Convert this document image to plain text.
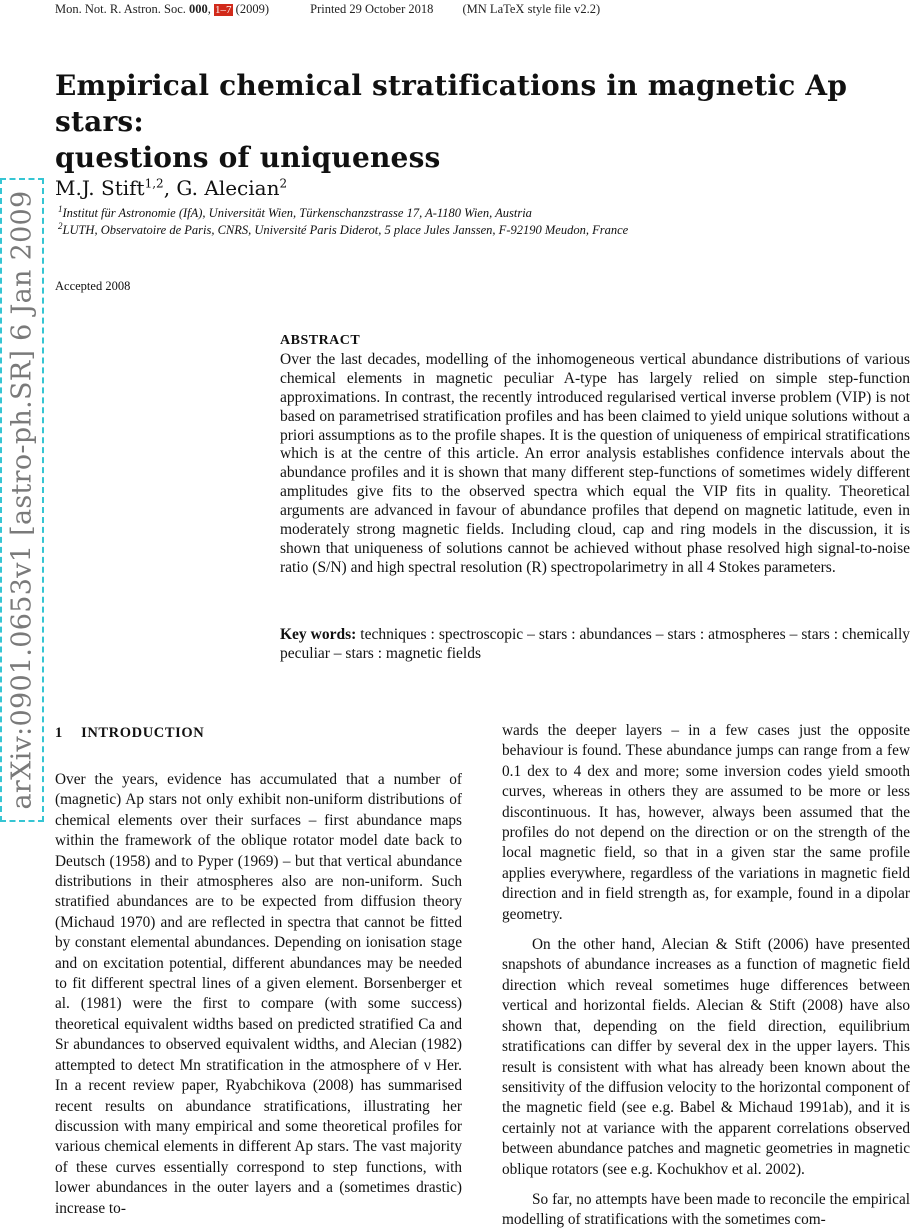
Mon. Not. R. Astron. Soc. 000, 1–7 (2009)	Printed 29 October 2018 (MN LaTeX style file v2.2)
Empirical chemical stratifications in magnetic Ap stars:
questions of uniqueness
M.J. Stift$^{1,2}$, G. Alecian$^2$
$^1$Institut für Astronomie (IfA), Universität Wien, Türkenschanzstrasse 17, A-1180 Wien, Austria
$^2$LUTH, Observatoire de Paris, CNRS, Université Paris Diderot, 5 place Jules Janssen, F-92190 Meudon, France
Accepted 2008
arXiv:0901.0653v1 [astro-ph.SR] 6 Jan 2009	ABSTRACT
Over the last decades, modelling of the inhomogeneous vertical abundance distributions of various chemical elements in magnetic peculiar A-type has largely relied on simple step-function approximations. In contrast, the recently introduced regularised vertical inverse problem (VIP) is not based on parametrised stratification profiles and has been claimed to yield unique solutions without a priori assumptions as to the profile shapes. It is the question of uniqueness of empirical stratifications which is at the centre of this article. An error analysis establishes confidence intervals about the abundance profiles and it is shown that many different step-functions of sometimes widely different amplitudes give fits to the observed spectra which equal the VIP fits in quality. Theoretical arguments are advanced in favour of abundance profiles that depend on magnetic latitude, even in moderately strong magnetic fields. Including cloud, cap and ring models in the discussion, it is shown that uniqueness of solutions cannot be achieved without phase resolved high signal-to-noise ratio (S/N) and high spectral resolution (R) spectropolarimetry in all 4 Stokes parameters.
Key words: techniques : spectroscopic – stars : abundances – stars : atmospheres – stars : chemically peculiar – stars : magnetic fields
1 INTRODUCTION

Over the years, evidence has accumulated that a number of (magnetic) Ap stars not only exhibit non-uniform distributions of chemical elements over their surfaces – first abundance maps within the framework of the oblique rotator model date back to Deutsch (1958) and to Pyper (1969) – but that vertical abundance distributions in their atmospheres also are non-uniform. Such stratified abundances are to be expected from diffusion theory (Michaud 1970) and are reflected in spectra that cannot be fitted by constant elemental abundances. Depending on ionisation stage and on excitation potential, different abundances may be needed to fit different spectral lines of a given element. Borsenberger et al. (1981) were the first to compare (with some success) theoretical equivalent widths based on predicted stratified Ca and Sr abundances to observed equivalent widths, and Alecian (1982) attempted to detect Mn stratification in the atmosphere of ν Her. In a recent review paper, Ryabchikova (2008) has summarised recent results on abundance stratifications, illustrating her discussion with many empirical and some theoretical profiles for various chemical elements in different Ap stars. The vast majority of these curves essentially correspond to step functions, with lower abundances in the outer layers and a (sometimes drastic) increase to-

wards the deeper layers – in a few cases just the opposite behaviour is found. These abundance jumps can range from a few 0.1 dex to 4 dex and more; some inversion codes yield smooth curves, whereas in others they are assumed to be more or less discontinuous. It has, however, always been assumed that the profiles do not depend on the direction or on the strength of the local magnetic field, so that in a given star the same profile applies everywhere, regardless of the variations in magnetic field direction and in field strength as, for example, found in a dipolar geometry.

On the other hand, Alecian & Stift (2006) have presented snapshots of abundance increases as a function of magnetic field direction which reveal sometimes huge differences between vertical and horizontal fields. Alecian & Stift (2008) have also shown that, depending on the field direction, equilibrium stratifications can differ by several dex in the upper layers. This result is consistent with what has already been known about the sensitivity of the diffusion velocity to the horizontal component of the magnetic field (see e.g. Babel & Michaud 1991ab), and it is certainly not at variance with the apparent correlations observed between abundance patches and magnetic geometries in magnetic oblique rotators (see e.g. Kochukhov et al. 2002).

So far, no attempts have been made to reconcile the empirical modelling of stratifications with the sometimes com-
